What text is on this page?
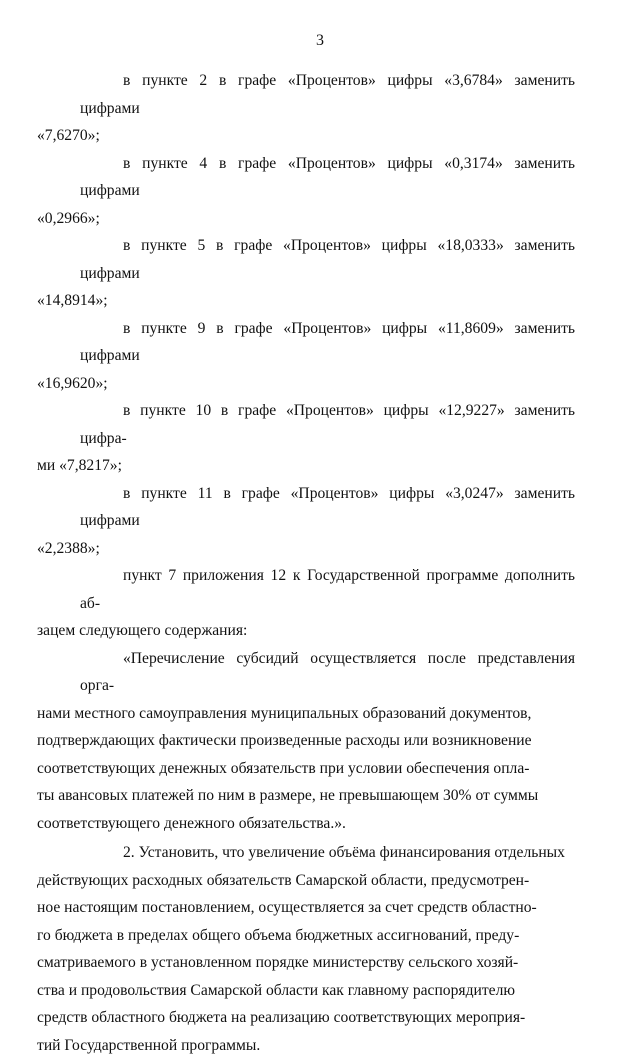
3

в пункте 2 в графе «Процентов» цифры «3,6784» заменить цифрами
«7,6270»;

в пункте 4 в графе «Процентов» цифры «0,3174» заменить цифрами
«0,2966»;

в пункте 5 в графе «Процентов» цифры «18,0333» заменить цифрами
«14,8914»;

в пункте 9 в графе «Процентов» цифры «11,8609» заменить цифрами
«16,9620»;

в пункте 10 в графе «Процентов» цифры «12,9227» заменить цифра-
ми «7,8217»;

в пункте 11 в графе «Процентов» цифры «3,0247» заменить цифрами
«2,2388»;

пункт 7 приложения 12 к Государственной программе дополнить аб-
зацем следующего содержания:

«Перечисление субсидий осуществляется после представления орга-
нами местного самоуправления муниципальных образований документов,
подтверждающих фактически произведенные расходы или возникновение
соответствующих денежных обязательств при условии обеспечения опла-
ты авансовых платежей по ним в размере, не превышающем 30% от суммы
соответствующего денежного обязательства.».

2. Установить, что увеличение объёма финансирования отдельных
действующих расходных обязательств Самарской области, предусмотрен-
ное настоящим постановлением, осуществляется за счет средств областно-
го бюджета в пределах общего объема бюджетных ассигнований, преду-
сматриваемого в установленном порядке министерству сельского хозяй-
ства и продовольствия Самарской области как главному распорядителю
средств областного бюджета на реализацию соответствующих мероприя-
тий Государственной программы.
